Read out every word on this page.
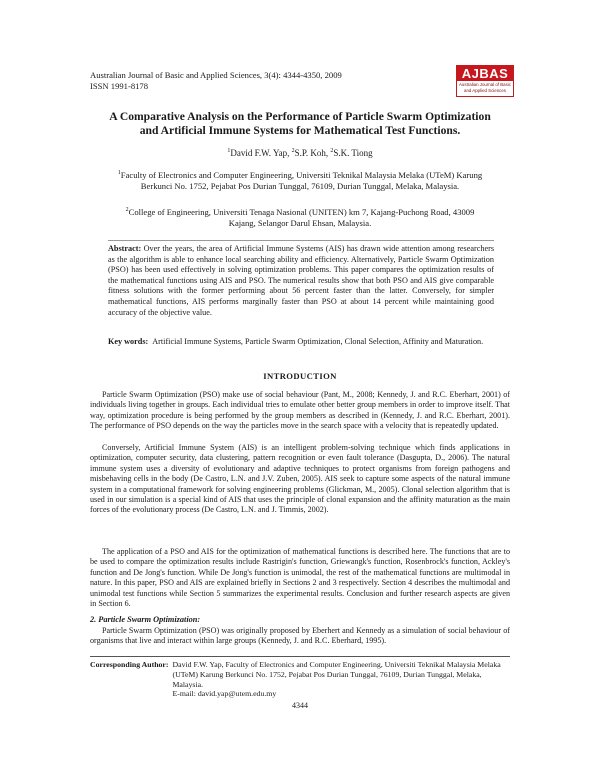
Australian Journal of Basic and Applied Sciences, 3(4): 4344-4350, 2009
ISSN 1991-8178
AJBAS
Australian Journal of Basic and Applied Sciences
A Comparative Analysis on the Performance of Particle Swarm Optimization and Artificial Immune Systems for Mathematical Test Functions.
$^1$David F.W. Yap, $^2$S.P. Koh, $^2$S.K. Tiong
$^1$Faculty of Electronics and Computer Engineering, Universiti Teknikal Malaysia Melaka (UTeM) Karung Berkunci No. 1752, Pejabat Pos Durian Tunggal, 76109, Durian Tunggal, Melaka, Malaysia.
$^2$College of Engineering, Universiti Tenaga Nasional (UNITEN) km 7, Kajang-Puchong Road, 43009 Kajang, Selangor Darul Ehsan, Malaysia.
Abstract: Over the years, the area of Artificial Immune Systems (AIS) has drawn wide attention among researchers as the algorithm is able to enhance local searching ability and efficiency. Alternatively, Particle Swarm Optimization (PSO) has been used effectively in solving optimization problems. This paper compares the optimization results of the mathematical functions using AIS and PSO. The numerical results show that both PSO and AIS give comparable fitness solutions with the former performing about 56 percent faster than the latter. Conversely, for simpler mathematical functions, AIS performs marginally faster than PSO at about 14 percent while maintaining good accuracy of the objective value.
Key words: Artificial Immune Systems, Particle Swarm Optimization, Clonal Selection, Affinity and Maturation.
INTRODUCTION
Particle Swarm Optimization (PSO) make use of social behaviour (Pant, M., 2008; Kennedy, J. and R.C. Eberhart, 2001) of individuals living together in groups. Each individual tries to emulate other better group members in order to improve itself. That way, optimization procedure is being performed by the group members as described in (Kennedy, J. and R.C. Eberhart, 2001). The performance of PSO depends on the way the particles move in the search space with a velocity that is repeatedly updated.
Conversely, Artificial Immune System (AIS) is an intelligent problem-solving technique which finds applications in optimization, computer security, data clustering, pattern recognition or even fault tolerance (Dasgupta, D., 2006). The natural immune system uses a diversity of evolutionary and adaptive techniques to protect organisms from foreign pathogens and misbehaving cells in the body (De Castro, L.N. and J.V. Zuben, 2005). AIS seek to capture some aspects of the natural immune system in a computational framework for solving engineering problems (Glickman, M., 2005). Clonal selection algorithm that is used in our simulation is a special kind of AIS that uses the principle of clonal expansion and the affinity maturation as the main forces of the evolutionary process (De Castro, L.N. and J. Timmis, 2002).
The application of a PSO and AIS for the optimization of mathematical functions is described here. The functions that are to be used to compare the optimization results include Rastrigin's function, Griewangk's function, Rosenbrock's function, Ackley's function and De Jong's function. While De Jong's function is unimodal, the rest of the mathematical functions are multimodal in nature. In this paper, PSO and AIS are explained briefly in Sections 2 and 3 respectively. Section 4 describes the multimodal and unimodal test functions while Section 5 summarizes the experimental results. Conclusion and further research aspects are given in Section 6.
2. Particle Swarm Optimization:
Particle Swarm Optimization (PSO) was originally proposed by Eberhert and Kennedy as a simulation of social behaviour of organisms that live and interact within large groups (Kennedy, J. and R.C. Eberhard, 1995).
Corresponding Author: David F.W. Yap, Faculty of Electronics and Computer Engineering, Universiti Teknikal Malaysia Melaka (UTeM) Karung Berkunci No. 1752, Pejabat Pos Durian Tunggal, 76109, Durian Tunggal, Melaka, Malaysia.
E-mail: david.yap@utem.edu.my
4344
